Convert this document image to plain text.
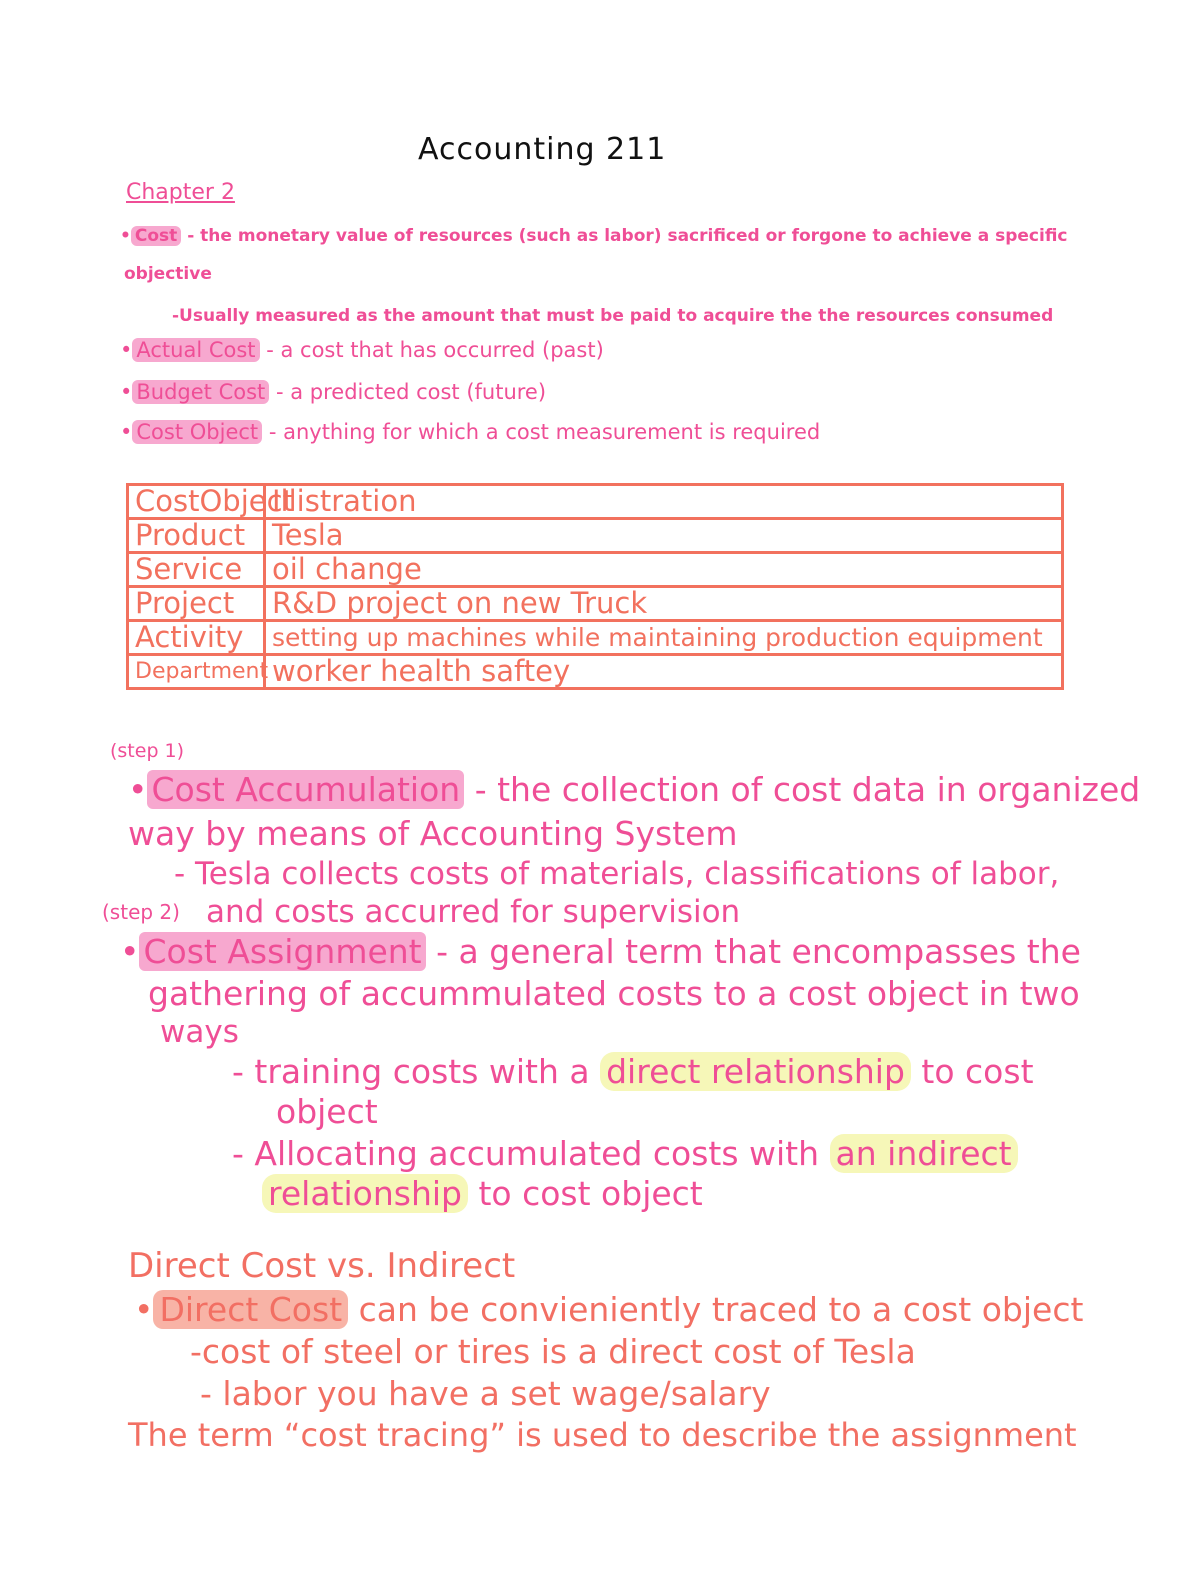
Accounting 211
Chapter 2
• Cost - the monetary value of resources (such as labor) sacrificed or forgone to achieve a specific
objective
-Usually measured as the amount that must be paid to acquire the the resources consumed
• Actual Cost - a cost that has occurred (past)
• Budget Cost - a predicted cost (future)
• Cost Object - anything for which a cost measurement is required
CostObject	Illistration
Product	Tesla
Service	oil change
Project	R&D project on new Truck
Activity	setting up machines while maintaining production equipment
Department	worker health saftey
(step 1)
• Cost Accumulation - the collection of cost data in organized
way by means of Accounting System
- Tesla collects costs of materials, classifications of labor,
(step 2) and costs accurred for supervision
• Cost Assignment - a general term that encompasses the
gathering of accummulated costs to a cost object in two
ways
- training costs with a direct relationship to cost
object
- Allocating accumulated costs with an indirect
relationship to cost object
Direct Cost vs. Indirect
• Direct Cost can be convieniently traced to a cost object
-cost of steel or tires is a direct cost of Tesla
- labor you have a set wage/salary
The term “cost tracing” is used to describe the assignment
